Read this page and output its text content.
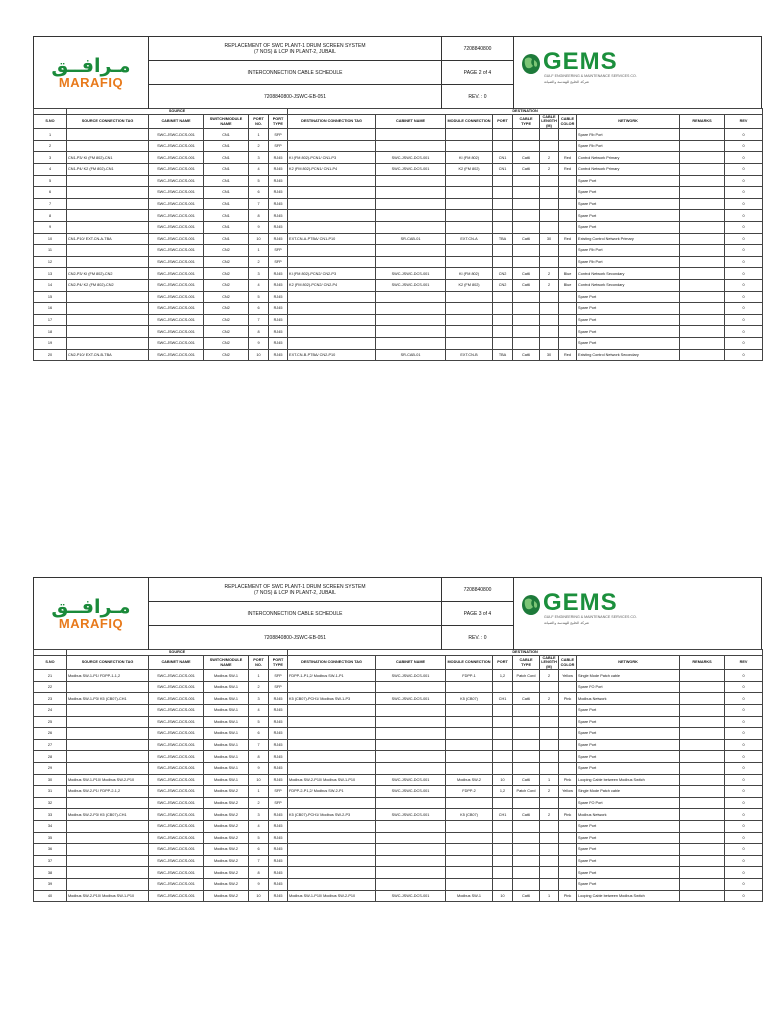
مـرافــق
MARAFIQ
REPLACEMENT OF SWC PLANT-1 DRUM SCREEN SYSTEM
(7 NOS) & LCP IN PLANT-2, JUBAIL
7208840800
INTERCONNECTION CABLE SCHEDULE	PAGE 2 of 4
7208840800-JSWC-EB-051	REV. : 0
GEMS
GULF ENGINEERING & MAINTENANCE SERVICES CO.
شركة الخليج للهندسة والصيانة
	SOURCE					DESTINATION									
S.NO	SOURCE CONNECTION TAG	CABINET NAME	SWITCH/MODULE NAME	PORT NO.	PORT TYPE	DESTINATION CONNECTION TAG	CABINET NAME	MODULE CONNECTION	PORT	CABLE TYPE	CABLE LENGTH (M)	CABLE COLOR	NETWORK	REMARKS	REV
1		SWC-JSWC-DCS-001	CN1	1	SFP								Spare Fib Port		0
2		SWC-JSWC-DCS-001	CN1	2	SFP								Spare Fib Port		0
3	CN1-P3/ KI (FM 802)-CN1	SWC-JSWC-DCS-001	CN1	3	RJ45	KI (FM 802)-PCN1/ CN1-P3	SWC-JSWC-DCS-001	KI (FM 802)	CN1	Cat6	2	Red	Control Network Primary		0
4	CN1-P4/ K2 (FM 802)-CN1	SWC-JSWC-DCS-001	CN1	4	RJ45	K2 (FM 802)-PCN1/ CN1-P4	SWC-JSWC-DCS-001	K2 (FM 802)	CN1	Cat6	2	Red	Control Network Primary		0
5		SWC-JSWC-DCS-001	CN1	5	RJ45								Spare Port		0
6		SWC-JSWC-DCS-001	CN1	6	RJ45								Spare Port		0
7		SWC-JSWC-DCS-001	CN1	7	RJ45								Spare Port		0
8		SWC-JSWC-DCS-001	CN1	8	RJ45								Spare Port		0
9		SWC-JSWC-DCS-001	CN1	9	RJ45								Spare Port		0
10	CN1-P10/ EXT.CN-A-TBA	SWC-JSWC-DCS-001	CN1	10	RJ45	EXT.CN-A-PTBA/ CN1-P10	SR-CAB-01	EXT.CN-A	TBA	Cat6	30	Red	Existing Control Network Primary		0
11		SWC-JSWC-DCS-001	CN2	1	SFP								Spare Fib Port		0
12		SWC-JSWC-DCS-001	CN2	2	SFP								Spare Fib Port		0
13	CN2-P3/ KI (FM 802)-CN2	SWC-JSWC-DCS-001	CN2	3	RJ45	KI (FM 802)-PCN2/ CN2-P3	SWC-JSWC-DCS-001	KI (FM 802)	CN2	Cat6	2	Blue	Control Network Secondary		0
14	CN2-P4/ K2 (FM 802)-CN2	SWC-JSWC-DCS-001	CN2	4	RJ45	K2 (FM 802)-PCN2/ CN2-P4	SWC-JSWC-DCS-001	K2 (FM 802)	CN2	Cat6	2	Blue	Control Network Secondary		0
15		SWC-JSWC-DCS-001	CN2	5	RJ45								Spare Port		0
16		SWC-JSWC-DCS-001	CN2	6	RJ45								Spare Port		0
17		SWC-JSWC-DCS-001	CN2	7	RJ45								Spare Port		0
18		SWC-JSWC-DCS-001	CN2	8	RJ45								Spare Port		0
19		SWC-JSWC-DCS-001	CN2	9	RJ45								Spare Port		0
20	CN2-P10/ EXT.CN-B-TBA	SWC-JSWC-DCS-001	CN2	10	RJ45	EXT.CN-B-PTBA/ CN2-P10	SR-CAB-01	EXT.CN-B	TBA	Cat6	30	Red	Existing Control Network Secondary		0
مـرافــق
MARAFIQ
REPLACEMENT OF SWC PLANT-1 DRUM SCREEN SYSTEM
(7 NOS) & LCP IN PLANT-2, JUBAIL
7208840800
INTERCONNECTION CABLE SCHEDULE	PAGE 3 of 4
7208840800-JSWC-EB-051	REV. : 0
GEMS
GULF ENGINEERING & MAINTENANCE SERVICES CO.
شركة الخليج للهندسة والصيانة
	SOURCE					DESTINATION									
S.NO	SOURCE CONNECTION TAG	CABINET NAME	SWITCH/MODULE NAME	PORT NO.	PORT TYPE	DESTINATION CONNECTION TAG	CABINET NAME	MODULE CONNECTION	PORT	CABLE TYPE	CABLE LENGTH (M)	CABLE COLOR	NETWORK	REMARKS	REV
21	Modbus SW-1-P1/ FDPP-1-1,2	SWC-JSWC-DCS-001	Modbus SW-1	1	SFP	FDPP-1-P1,2/ Modbus SW-1-P1	SWC-JSWC-DCS-001	FDPP-1	1,2	Patch Cord	2	Yellow	Single Mode Patch cable		0
22		SWC-JSWC-DCS-001	Modbus SW-1	2	SFP								Spare FO Port		0
23	Modbus SW-1-P3/ K5 (CB07)-CH1	SWC-JSWC-DCS-001	Modbus SW-1	3	RJ45	K5 (CB07)-PCH1/ Modbus SW-1-P3	SWC-JSWC-DCS-001	K5 (CB07)	CH1	Cat6	2	Pink	Modbus Network		0
24		SWC-JSWC-DCS-001	Modbus SW-1	4	RJ45								Spare Port		0
25		SWC-JSWC-DCS-001	Modbus SW-1	5	RJ45								Spare Port		0
26		SWC-JSWC-DCS-001	Modbus SW-1	6	RJ45								Spare Port		0
27		SWC-JSWC-DCS-001	Modbus SW-1	7	RJ45								Spare Port		0
28		SWC-JSWC-DCS-001	Modbus SW-1	8	RJ45								Spare Port		0
29		SWC-JSWC-DCS-001	Modbus SW-1	9	RJ45								Spare Port		0
30	Modbus SW-1-P10/ Modbus SW-2-P10	SWC-JSWC-DCS-001	Modbus SW-1	10	RJ45	Modbus SW-2-P10/ Modbus SW-1-P10	SWC-JSWC-DCS-001	Modbus SW-2	10	Cat6	1	Pink	Looping Cable between Modbus Switch		0
31	Modbus SW-2-P1/ FDPP-2-1,2	SWC-JSWC-DCS-001	Modbus SW-2	1	SFP	FDPP-2-P1,2/ Modbus SW-2-P1	SWC-JSWC-DCS-001	FDPP-2	1,2	Patch Cord	2	Yellow	Single Mode Patch cable		0
32		SWC-JSWC-DCS-001	Modbus SW-2	2	SFP								Spare FO Port		0
33	Modbus SW-2-P3/ K5 (CB07)-CH1	SWC-JSWC-DCS-001	Modbus SW-2	3	RJ45	K5 (CB07)-PCH1/ Modbus SW-2-P3	SWC-JSWC-DCS-001	K5 (CB07)	CH1	Cat6	2	Pink	Modbus Network		0
34		SWC-JSWC-DCS-001	Modbus SW-2	4	RJ45								Spare Port		0
35		SWC-JSWC-DCS-001	Modbus SW-2	5	RJ45								Spare Port		0
36		SWC-JSWC-DCS-001	Modbus SW-2	6	RJ45								Spare Port		0
37		SWC-JSWC-DCS-001	Modbus SW-2	7	RJ45								Spare Port		0
38		SWC-JSWC-DCS-001	Modbus SW-2	8	RJ45								Spare Port		0
39		SWC-JSWC-DCS-001	Modbus SW-2	9	RJ45								Spare Port		0
40	Modbus SW-2-P10/ Modbus SW-1-P10	SWC-JSWC-DCS-001	Modbus SW-2	10	RJ45	Modbus SW-1-P10/ Modbus SW-2-P10	SWC-JSWC-DCS-001	Modbus SW-1	10	Cat6	1	Pink	Looping Cable between Modbus Switch		0
